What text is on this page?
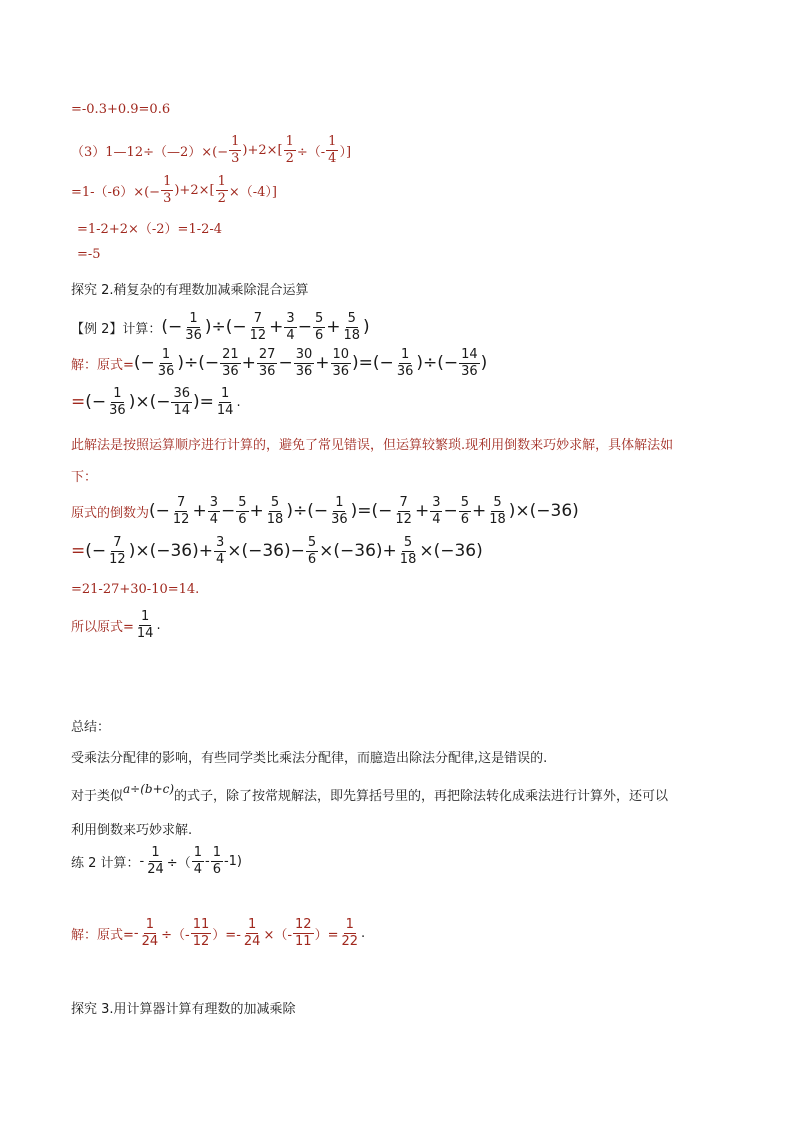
=-0.3+0.9=0.6
（3）1—12÷（—2）×(− $\frac{1}{3} )+2\times[ \frac{1}{2}$ ÷（- $\frac{1}{4}$ ）]
$=1-(-6)\times(- \frac{1}{3} )+2\times[ \frac{1}{2} \times(-4)]$
=1-2+2×（-2）=1-2-4
=-5
探究 2.稍复杂的有理数加减乘除混合运算
【例 2】计算： (− $\frac{1}{36}$ )÷(− $\frac{7}{12} + \frac{3}{4} - \frac{5}{6} + \frac{5}{18}$ )
解：原式= (− $\frac{1}{36}$ )÷(− $\frac{21}{36} + \frac{27}{36} - \frac{30}{36} + \frac{10}{36}$ )=(− $\frac{1}{36}$ )÷(− $\frac{14}{36}$ )
= (− $\frac{1}{36}$ )×(− $\frac{36}{14}$ )= $\frac{1}{14}$ .
此解法是按照运算顺序进行计算的，避免了常见错误，但运算较繁琐.现利用倒数来巧妙求解，具体解法如
下：
原式的倒数为 (− $\frac{7}{12} + \frac{3}{4} - \frac{5}{6} + \frac{5}{18}$ )÷(− $\frac{1}{36}$ )=(− $\frac{7}{12} + \frac{3}{4} - \frac{5}{6} + \frac{5}{18} )\times(-36)$
= (− $\frac{7}{12} )\times(-36)+ \frac{3}{4} \times(-36)- \frac{5}{6} \times(-36)+ \frac{5}{18} \times(-36)$
=21-27+30-10=14.
所以原式= $\frac{1}{14}$ .
总结：
受乘法分配律的影响，有些同学类比乘法分配律，而臆造出除法分配律,这是错误的.
对于类似
a÷(b+c)
的式子，除了按常规解法，即先算括号里的，再把除法转化成乘法进行计算外，还可以
利用倒数来巧妙求解.
练 2 计算： - $\frac{1}{24}$ ÷（ $\frac{1}{4} - \frac{1}{6} -1$)
解：原式= - $\frac{1}{24}$ ÷（- $\frac{11}{12}$ ）=- $\frac{1}{24}$ ×（- $\frac{12}{11}$ ）= $\frac{1}{22}$ .
探究 3.用计算器计算有理数的加减乘除
